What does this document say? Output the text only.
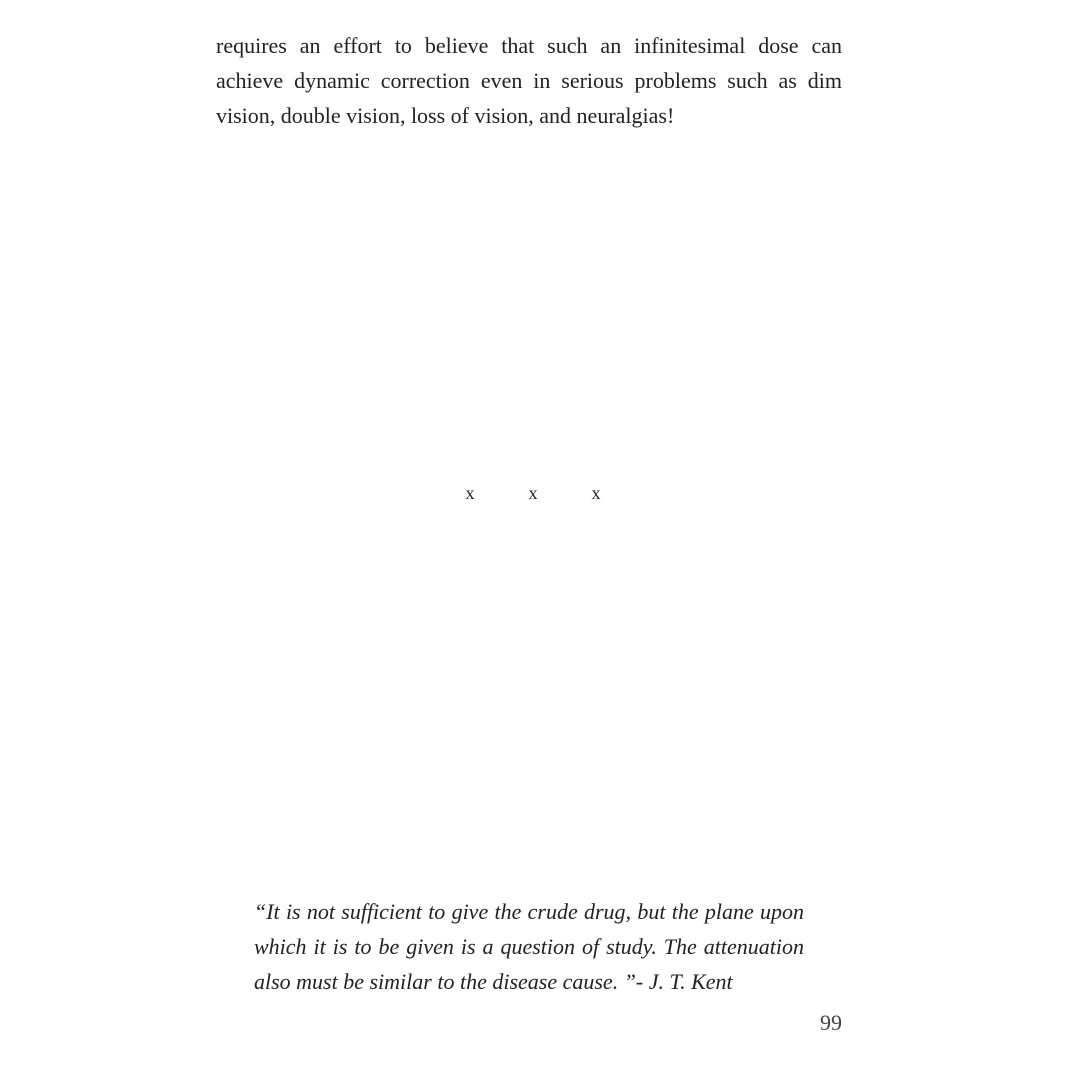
requires an effort to believe that such an infinitesimal dose can
achieve dynamic correction even in serious problems such as dim
vision, double vision, loss of vision, and neuralgias!

x	x	x

“It is not sufficient to give the crude drug, but the plane upon
which it is to be given is a question of study. The attenuation
also must be similar to the disease cause. ”- J. T. Kent

99
